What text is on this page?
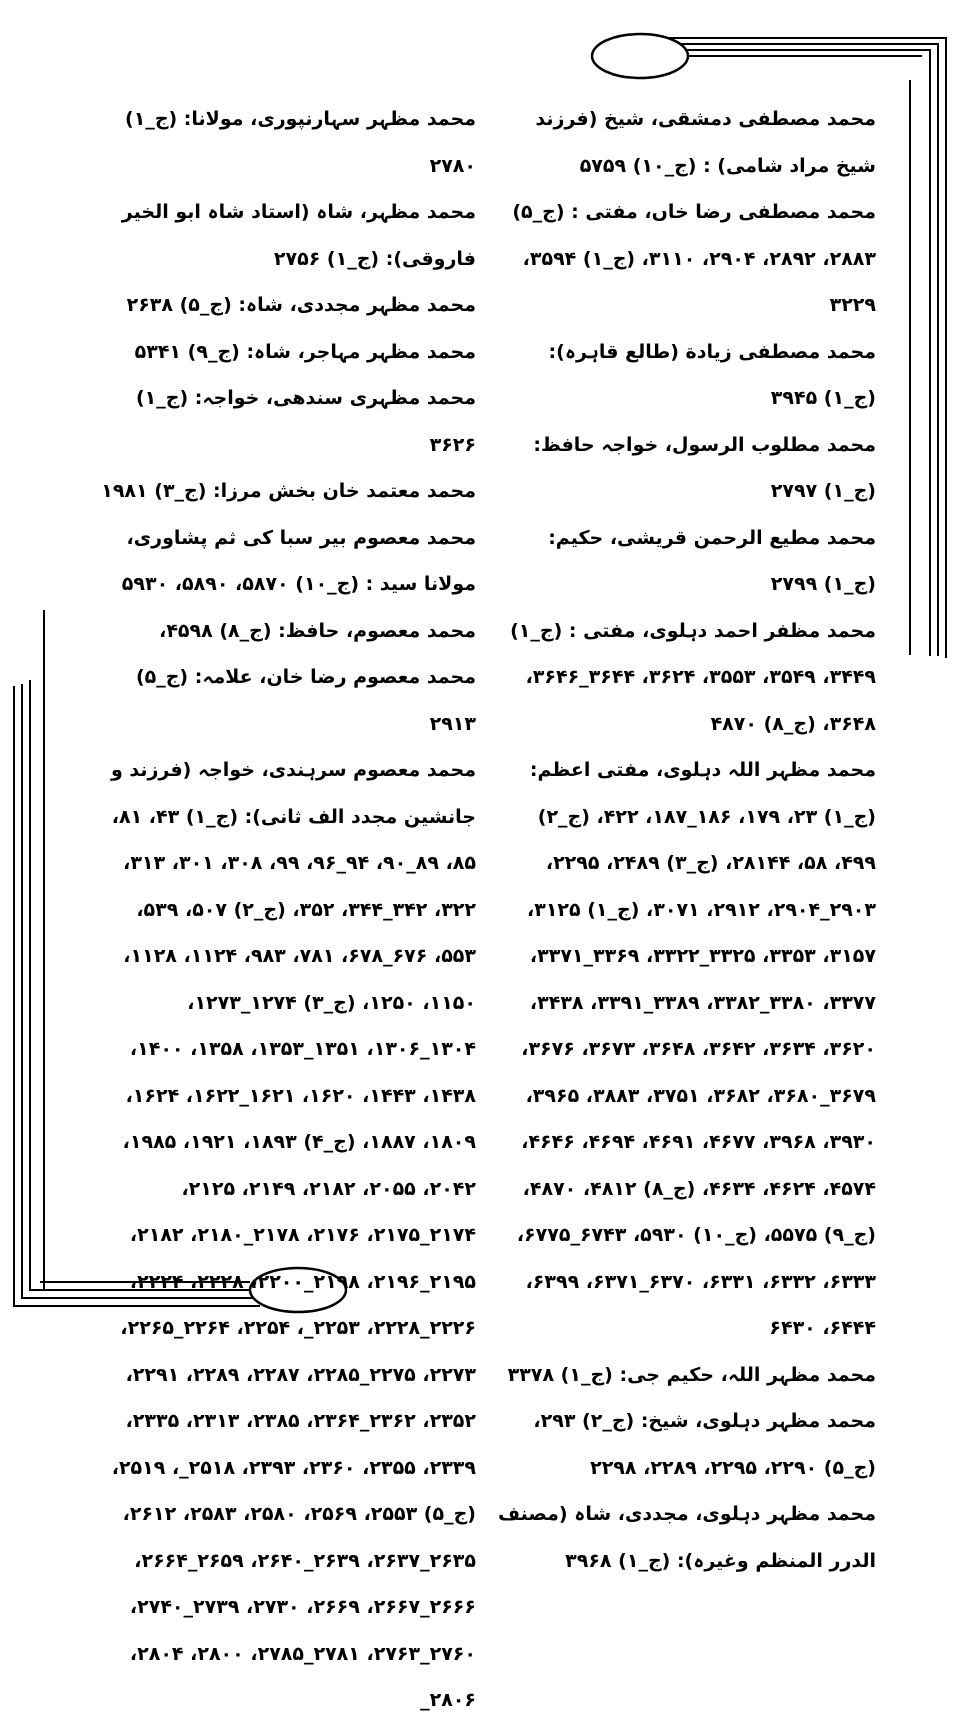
محمد مصطفی دمشقی، شیخ (فرزند شیخ مراد شامی) : (ج_۱۰) ۵۷۵۹

محمد مصطفی رضا خاں، مفتی : (ج_۵) ۲۸۸۳، ۲۸۹۲، ۲۹۰۴، ۳۱۱۰، (ج_۱) ۳۵۹۴، ۳۲۲۹

محمد مصطفی زیادة (طالع قاہرہ): (ج_۱) ۳۹۴۵

محمد مطلوب الرسول، خواجہ حافظ: (ج_۱) ۲۷۹۷

محمد مطیع الرحمن قریشی، حکیم: (ج_۱) ۲۷۹۹

محمد مظفر احمد دہلوی، مفتی : (ج_۱) ۳۴۴۹، ۳۵۴۹، ۳۵۵۳، ۳۶۲۴، ۳۶۴۴_۳۶۴۶، ۳۶۴۸، (ج_۸) ۴۸۷۰

محمد مظہر اللہ دہلوی، مفتی اعظم: (ج_۱) ۲۳، ۱۷۹، ۱۸۶_۱۸۷، ۴۲۲، (ج_۲) ۴۹۹، ۵۸، ۲۸۱۴۴، (ج_۳) ۲۴۸۹، ۲۲۹۵، ۲۹۰۳_۲۹۰۴، ۲۹۱۲، ۳۰۷۱، (ج_۱) ۳۱۲۵، ۳۱۵۷، ۳۳۵۳، ۳۳۲۵_۳۳۲۲، ۳۳۶۹_۳۳۷۱، ۳۳۷۷، ۳۳۸۰_۳۳۸۲، ۳۳۸۹_۳۳۹۱، ۳۴۳۸، ۳۶۲۰، ۳۶۳۴، ۳۶۴۲، ۳۶۴۸، ۳۶۷۳، ۳۶۷۶، ۳۶۷۹_۳۶۸۰، ۳۶۸۲، ۳۷۵۱، ۳۸۸۳، ۳۹۶۵، ۳۹۳۰، ۳۹۶۸، ۴۶۷۷، ۴۶۹۱، ۴۶۹۴، ۴۶۴۶، ۴۵۷۴، ۴۶۲۴، ۴۶۳۴، (ج_۸) ۴۸۱۲، ۴۸۷۰، (ج_۹) ۵۵۷۵، (ج_۱۰) ۵۹۳۰، ۶۷۴۳_۶۷۷۵، ۶۳۳۳، ۶۳۳۲، ۶۳۳۱، ۶۳۷۰_۶۳۷۱، ۶۳۹۹، ۶۴۴۴، ۶۴۳۰

محمد مظہر اللہ، حکیم جی: (ج_۱) ۳۳۷۸

محمد مظہر دہلوی، شیخ: (ج_۲) ۲۹۳، (ج_۵) ۲۲۹۰، ۲۲۹۵، ۲۲۸۹، ۲۲۹۸

محمد مظہر دہلوی، مجددی، شاہ (مصنف الدرر المنظم وغیرہ): (ج_۱) ۳۹۶۸

محمد مظہر سہارنپوری، مولانا: (ج_۱) ۲۷۸۰

محمد مظہر، شاہ (استاد شاہ ابو الخیر فاروقی): (ج_۱) ۲۷۵۶

محمد مظہر مجددی، شاہ: (ج_۵) ۲۶۳۸

محمد مظہر مہاجر، شاہ: (ج_۹) ۵۳۴۱

محمد مظہری سندھی، خواجہ: (ج_۱) ۳۶۲۶

محمد معتمد خان بخش مرزا: (ج_۳) ۱۹۸۱

محمد معصوم بیر سبا کی ثم پشاوری، مولانا سید : (ج_۱۰) ۵۸۷۰، ۵۸۹۰، ۵۹۳۰

محمد معصوم، حافظ: (ج_۸) ۴۵۹۸،

محمد معصوم رضا خان، علامہ: (ج_۵) ۲۹۱۳

محمد معصوم سرہندی، خواجہ (فرزند و جانشین مجدد الف ثانی): (ج_۱) ۴۳، ۸۱، ۸۵، ۸۹_۹۰، ۹۴_۹۶، ۹۹، ۳۰۸، ۳۰۱، ۳۱۳، ۳۲۲، ۳۴۲_۳۴۴، ۳۵۲، (ج_۲) ۵۰۷، ۵۳۹، ۵۵۳، ۶۷۶_۶۷۸، ۷۸۱، ۹۸۳، ۱۱۲۴، ۱۱۲۸، ۱۱۵۰، ۱۲۵۰، (ج_۳) ۱۲۷۴_۱۲۷۳، ۱۳۰۴_۱۳۰۶، ۱۳۵۱_۱۳۵۳، ۱۳۵۸، ۱۴۰۰، ۱۴۳۸، ۱۴۴۳، ۱۶۲۰، ۱۶۲۱_۱۶۲۲، ۱۶۲۴، ۱۸۰۹، ۱۸۸۷، (ج_۴) ۱۸۹۳، ۱۹۲۱، ۱۹۸۵، ۲۰۴۲، ۲۰۵۵، ۲۱۸۲، ۲۱۴۹، ۲۱۲۵، ۲۱۷۴_۲۱۷۵، ۲۱۷۶، ۲۱۷۸_۲۱۸۰، ۲۱۸۲، ۲۱۹۵_۲۱۹۶، ۲۱۹۸_۲۲۰۰، ۲۲۲۸، ۲۲۲۴، ۲۲۲۶_۲۲۲۸، ۲۲۵۳_، ۲۲۵۴، ۲۲۶۴_۲۲۶۵، ۲۲۷۳، ۲۲۷۵_۲۲۸۵، ۲۲۸۷، ۲۲۸۹، ۲۲۹۱، ۲۳۵۲، ۲۳۶۲_۲۳۶۴، ۲۳۸۵، ۲۳۱۳، ۲۳۳۵، ۲۳۳۹، ۲۳۵۵، ۲۳۶۰، ۲۳۹۳، ۲۵۱۸_، ۲۵۱۹، (ج_۵) ۲۵۵۳، ۲۵۶۹، ۲۵۸۰، ۲۵۸۳، ۲۶۱۲، ۲۶۳۵_۲۶۳۷، ۲۶۳۹_۲۶۴۰، ۲۶۵۹_۲۶۶۴، ۲۶۶۶_۲۶۶۷، ۲۶۶۹، ۲۷۳۰، ۲۷۳۹_۲۷۴۰، ۲۷۶۰_۲۷۶۳، ۲۷۸۱_۲۷۸۵، ۲۸۰۰، ۲۸۰۴، ۲۸۰۶_
